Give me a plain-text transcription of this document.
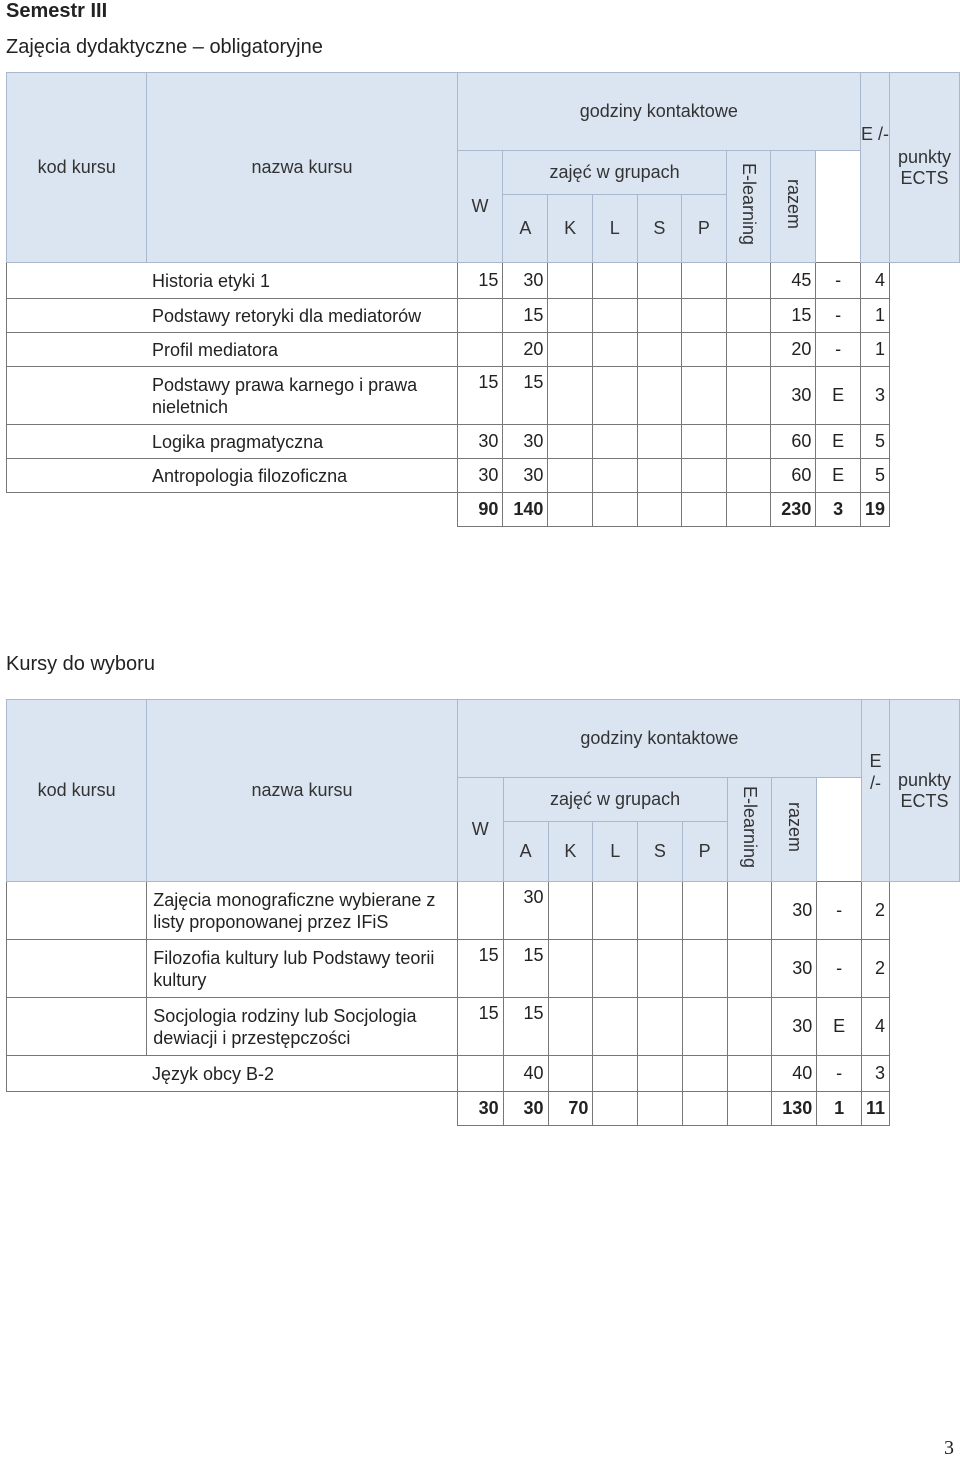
Semestr III
Zajęcia dydaktyczne – obligatoryjne
kod kursu	nazwa kursu	godziny kontaktowe									E /-	punkty ECTS
		W	zajęć w grupach					E-learning	razem			
			A	K	L	S	P					
Historia etyki 1		15	30						45	-	4	
Podstawy retoryki dla mediatorów			15						15	-	1	
Profil mediatora			20						20	-	1	
Podstawy prawa karnego i prawa nieletnich		15	15						30	E	3	
Logika pragmatyczna		30	30						60	E	5	
Antropologia filozoficzna		30	30						60	E	5	
		90	140						230	3	19	
Kursy do wyboru
kod kursu	nazwa kursu	godziny kontaktowe									E /-	punkty ECTS
		W	zajęć w grupach					E-learning	razem			
			A	K	L	S	P					
	Zajęcia monograficzne wybierane z listy proponowanej przez IFiS		30						30	-	2	
	Filozofia kultury lub Podstawy teorii kultury	15	15						30	-	2	
	Socjologia rodziny lub Socjologia dewiacji i przestępczości	15	15						30	E	4	
Język obcy B-2			40						40	-	3	
		30	30	70					130	1	11	
3
